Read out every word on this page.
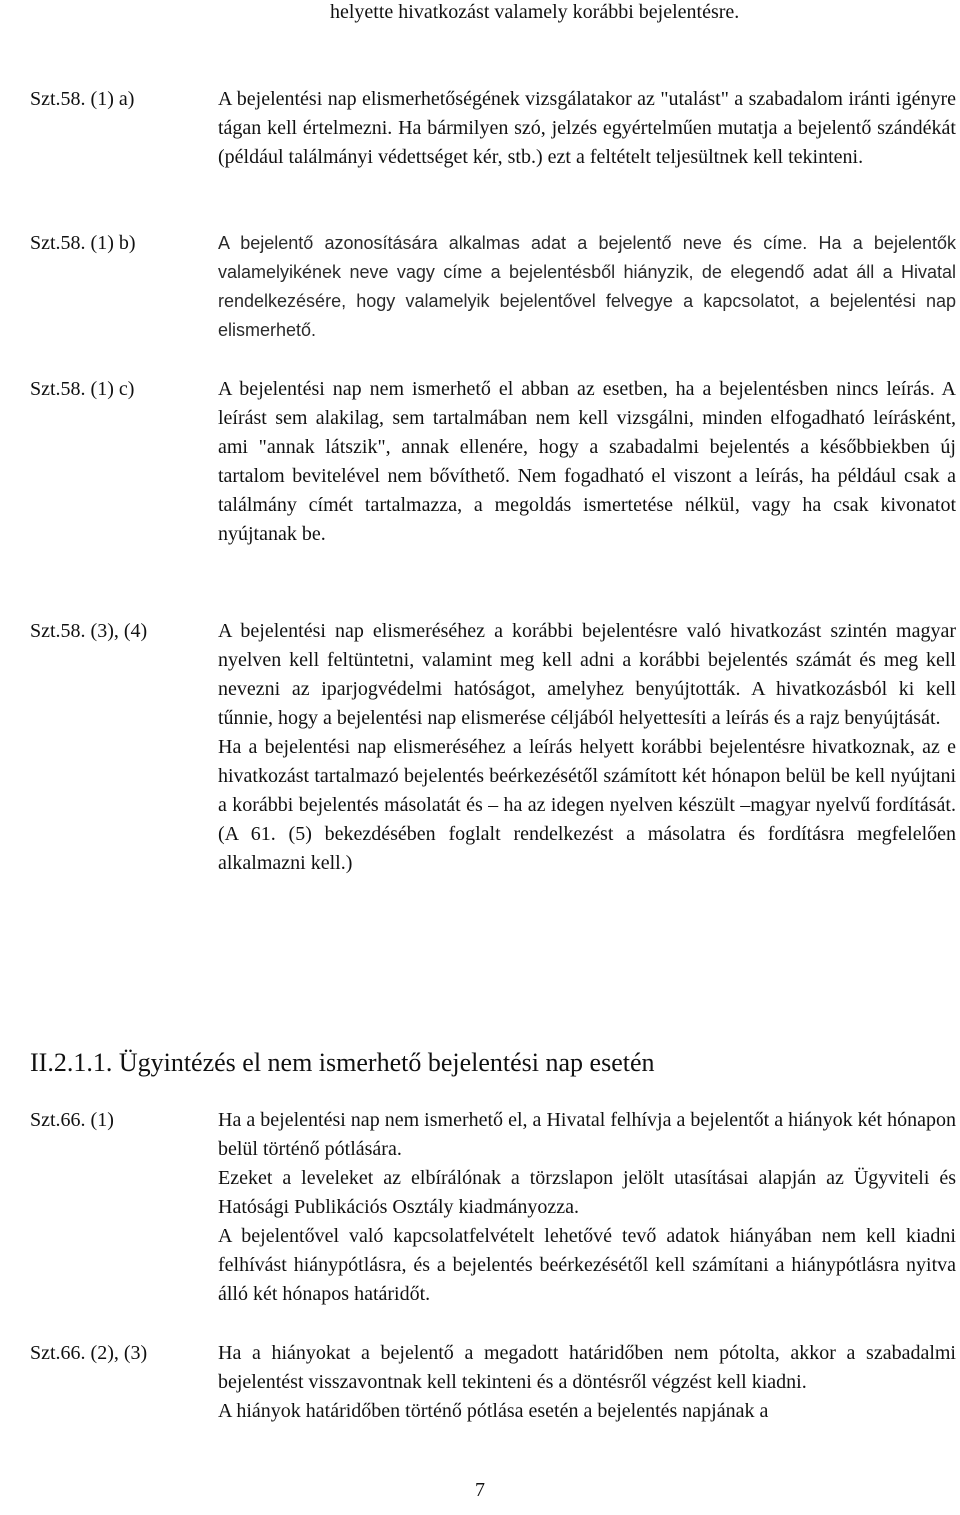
helyette hivatkozást valamely korábbi bejelentésre.
Szt.58. (1) a)	A bejelentési nap elismerhetőségének vizsgálatakor az "utalást" a szabadalom iránti igényre tágan kell értelmezni. Ha bármilyen szó, jelzés egyértelműen mutatja a bejelentő szándékát (például találmányi védettséget kér, stb.) ezt a feltételt teljesültnek kell tekinteni.

Szt.58. (1) b)	A bejelentő azonosítására alkalmas adat a bejelentő neve és címe. Ha a bejelentők valamelyikének neve vagy címe a bejelentésből hiányzik, de elegendő adat áll a Hivatal rendelkezésére, hogy valamelyik bejelentővel felvegye a kapcsolatot, a bejelentési nap elismerhető.

Szt.58. (1) c)	A bejelentési nap nem ismerhető el abban az esetben, ha a bejelentésben nincs leírás. A leírást sem alakilag, sem tartalmában nem kell vizsgálni, minden elfogadható leírásként, ami "annak látszik", annak ellenére, hogy a szabadalmi bejelentés a későbbiekben új tartalom bevitelével nem bővíthető. Nem fogadható el viszont a leírás, ha például csak a találmány címét tartalmazza, a megoldás ismertetése nélkül, vagy ha csak kivonatot nyújtanak be.

Szt.58. (3), (4)	A bejelentési nap elismeréséhez a korábbi bejelentésre való hivatkozást szintén magyar nyelven kell feltüntetni, valamint meg kell adni a korábbi bejelentés számát és meg kell nevezni az iparjogvédelmi hatóságot, amelyhez benyújtották. A hivatkozásból ki kell tűnnie, hogy a bejelentési nap elismerése céljából helyettesíti a leírás és a rajz benyújtását.

Ha a bejelentési nap elismeréséhez a leírás helyett korábbi bejelentésre hivatkoznak, az e hivatkozást tartalmazó bejelentés beérkezésétől számított két hónapon belül be kell nyújtani a korábbi bejelentés másolatát és – ha az idegen nyelven készült –magyar nyelvű fordítását. (A 61. (5) bekezdésében foglalt rendelkezést a másolatra és fordításra megfelelően alkalmazni kell.)

II.2.1.1. Ügyintézés el nem ismerhető bejelentési nap esetén
Szt.66. (1)	Ha a bejelentési nap nem ismerhető el, a Hivatal felhívja a bejelentőt a hiányok két hónapon belül történő pótlására.

Ezeket a leveleket az elbírálónak a törzslapon jelölt utasításai alapján az Ügyviteli és Hatósági Publikációs Osztály kiadmányozza.

A bejelentővel való kapcsolatfelvételt lehetővé tevő adatok hiányában nem kell kiadni felhívást hiánypótlásra, és a bejelentés beérkezésétől kell számítani a hiánypótlásra nyitva álló két hónapos határidőt.

Szt.66. (2), (3)	Ha a hiányokat a bejelentő a megadott határidőben nem pótolta, akkor a szabadalmi bejelentést visszavontnak kell tekinteni és a döntésről végzést kell kiadni.

A hiányok határidőben történő pótlása esetén a bejelentés napjának a

7
